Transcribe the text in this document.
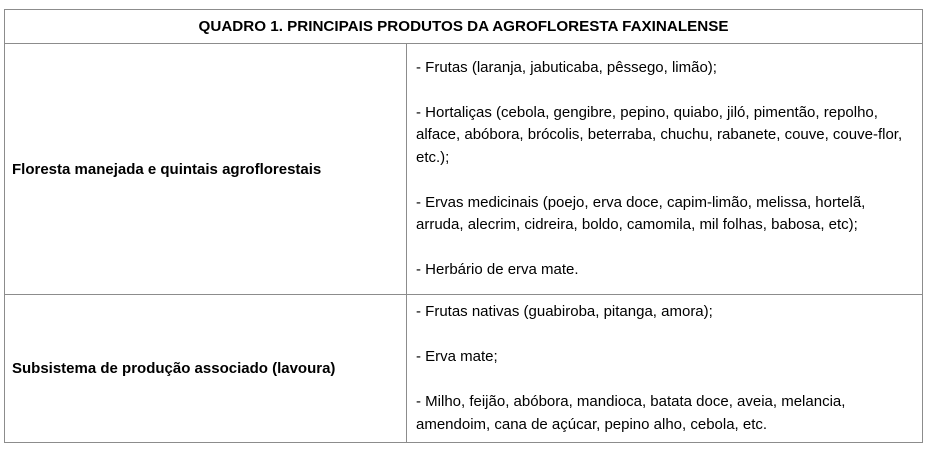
QUADRO 1. PRINCIPAIS PRODUTOS DA AGROFLORESTA FAXINALENSE	
Floresta manejada e quintais agroflorestais	- Frutas (laranja, jabuticaba, pêssego, limão);

- Hortaliças (cebola, gengibre, pepino, quiabo, jiló, pimentão, repolho, alface, abóbora, brócolis, beterraba, chuchu, rabanete, couve, couve-flor, etc.);

- Ervas medicinais (poejo, erva doce, capim-limão, melissa, hortelã, arruda, alecrim, cidreira, boldo, camomila, mil folhas, babosa, etc);

- Herbário de erva mate.

Subsistema de produção associado (lavoura)	- Frutas nativas (guabiroba, pitanga, amora);

- Erva mate;

- Milho, feijão, abóbora, mandioca, batata doce, aveia, melancia, amendoim, cana de açúcar, pepino alho, cebola, etc.
